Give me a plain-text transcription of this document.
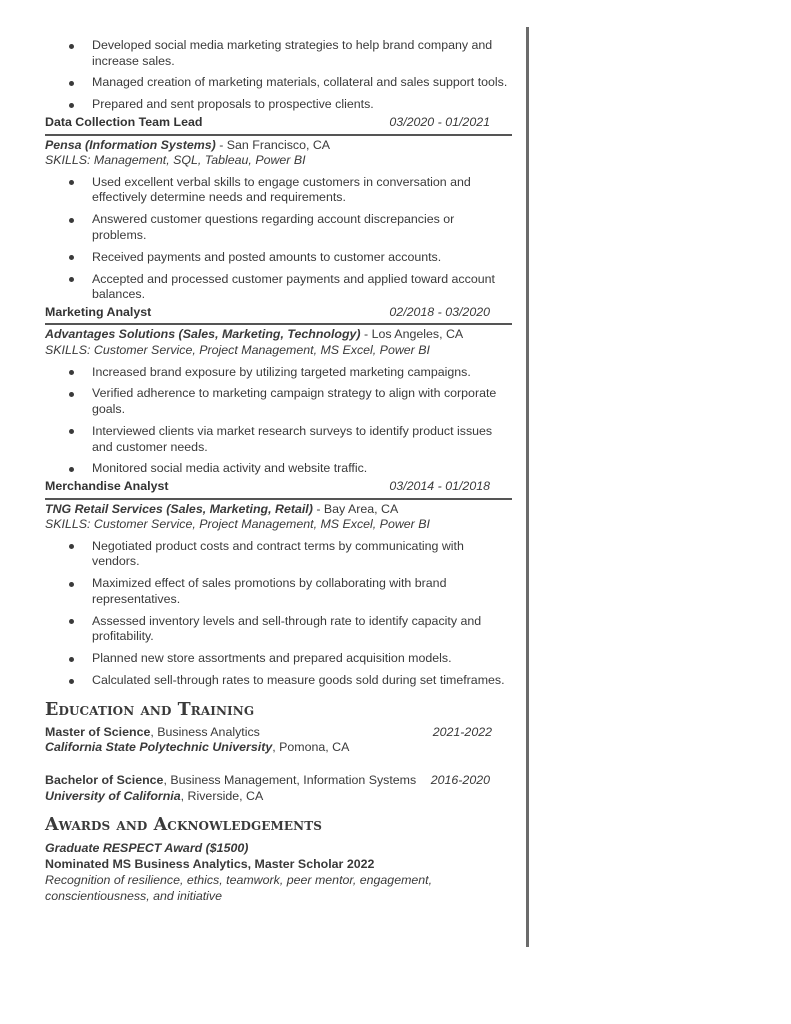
Developed social media marketing strategies to help brand company and increase sales.
Managed creation of marketing materials, collateral and sales support tools.
Prepared and sent proposals to prospective clients.
Data Collection Team Lead	03/2020 - 01/2021
Pensa (Information Systems) - San Francisco, CA
SKILLS: Management, SQL, Tableau, Power BI
Used excellent verbal skills to engage customers in conversation and effectively determine needs and requirements.
Answered customer questions regarding account discrepancies or problems.
Received payments and posted amounts to customer accounts.
Accepted and processed customer payments and applied toward account balances.
Marketing Analyst	02/2018 - 03/2020
Advantages Solutions (Sales, Marketing, Technology) - Los Angeles, CA
SKILLS: Customer Service, Project Management, MS Excel, Power BI
Increased brand exposure by utilizing targeted marketing campaigns.
Verified adherence to marketing campaign strategy to align with corporate goals.
Interviewed clients via market research surveys to identify product issues and customer needs.
Monitored social media activity and website traffic.
Merchandise Analyst	03/2014 - 01/2018
TNG Retail Services (Sales, Marketing, Retail) - Bay Area, CA
SKILLS: Customer Service, Project Management, MS Excel, Power BI
Negotiated product costs and contract terms by communicating with vendors.
Maximized effect of sales promotions by collaborating with brand representatives.
Assessed inventory levels and sell-through rate to identify capacity and profitability.
Planned new store assortments and prepared acquisition models.
Calculated sell-through rates to measure goods sold during set timeframes.
Education and Training
Master of Science, Business Analytics	2021-2022
California State Polytechnic University, Pomona, CA
Bachelor of Science, Business Management, Information Systems 2016-2020
University of California, Riverside, CA
Awards and Acknowledgements
Graduate RESPECT Award ($1500)
Nominated MS Business Analytics, Master Scholar 2022
Recognition of resilience, ethics, teamwork, peer mentor, engagement, conscientiousness, and initiative
